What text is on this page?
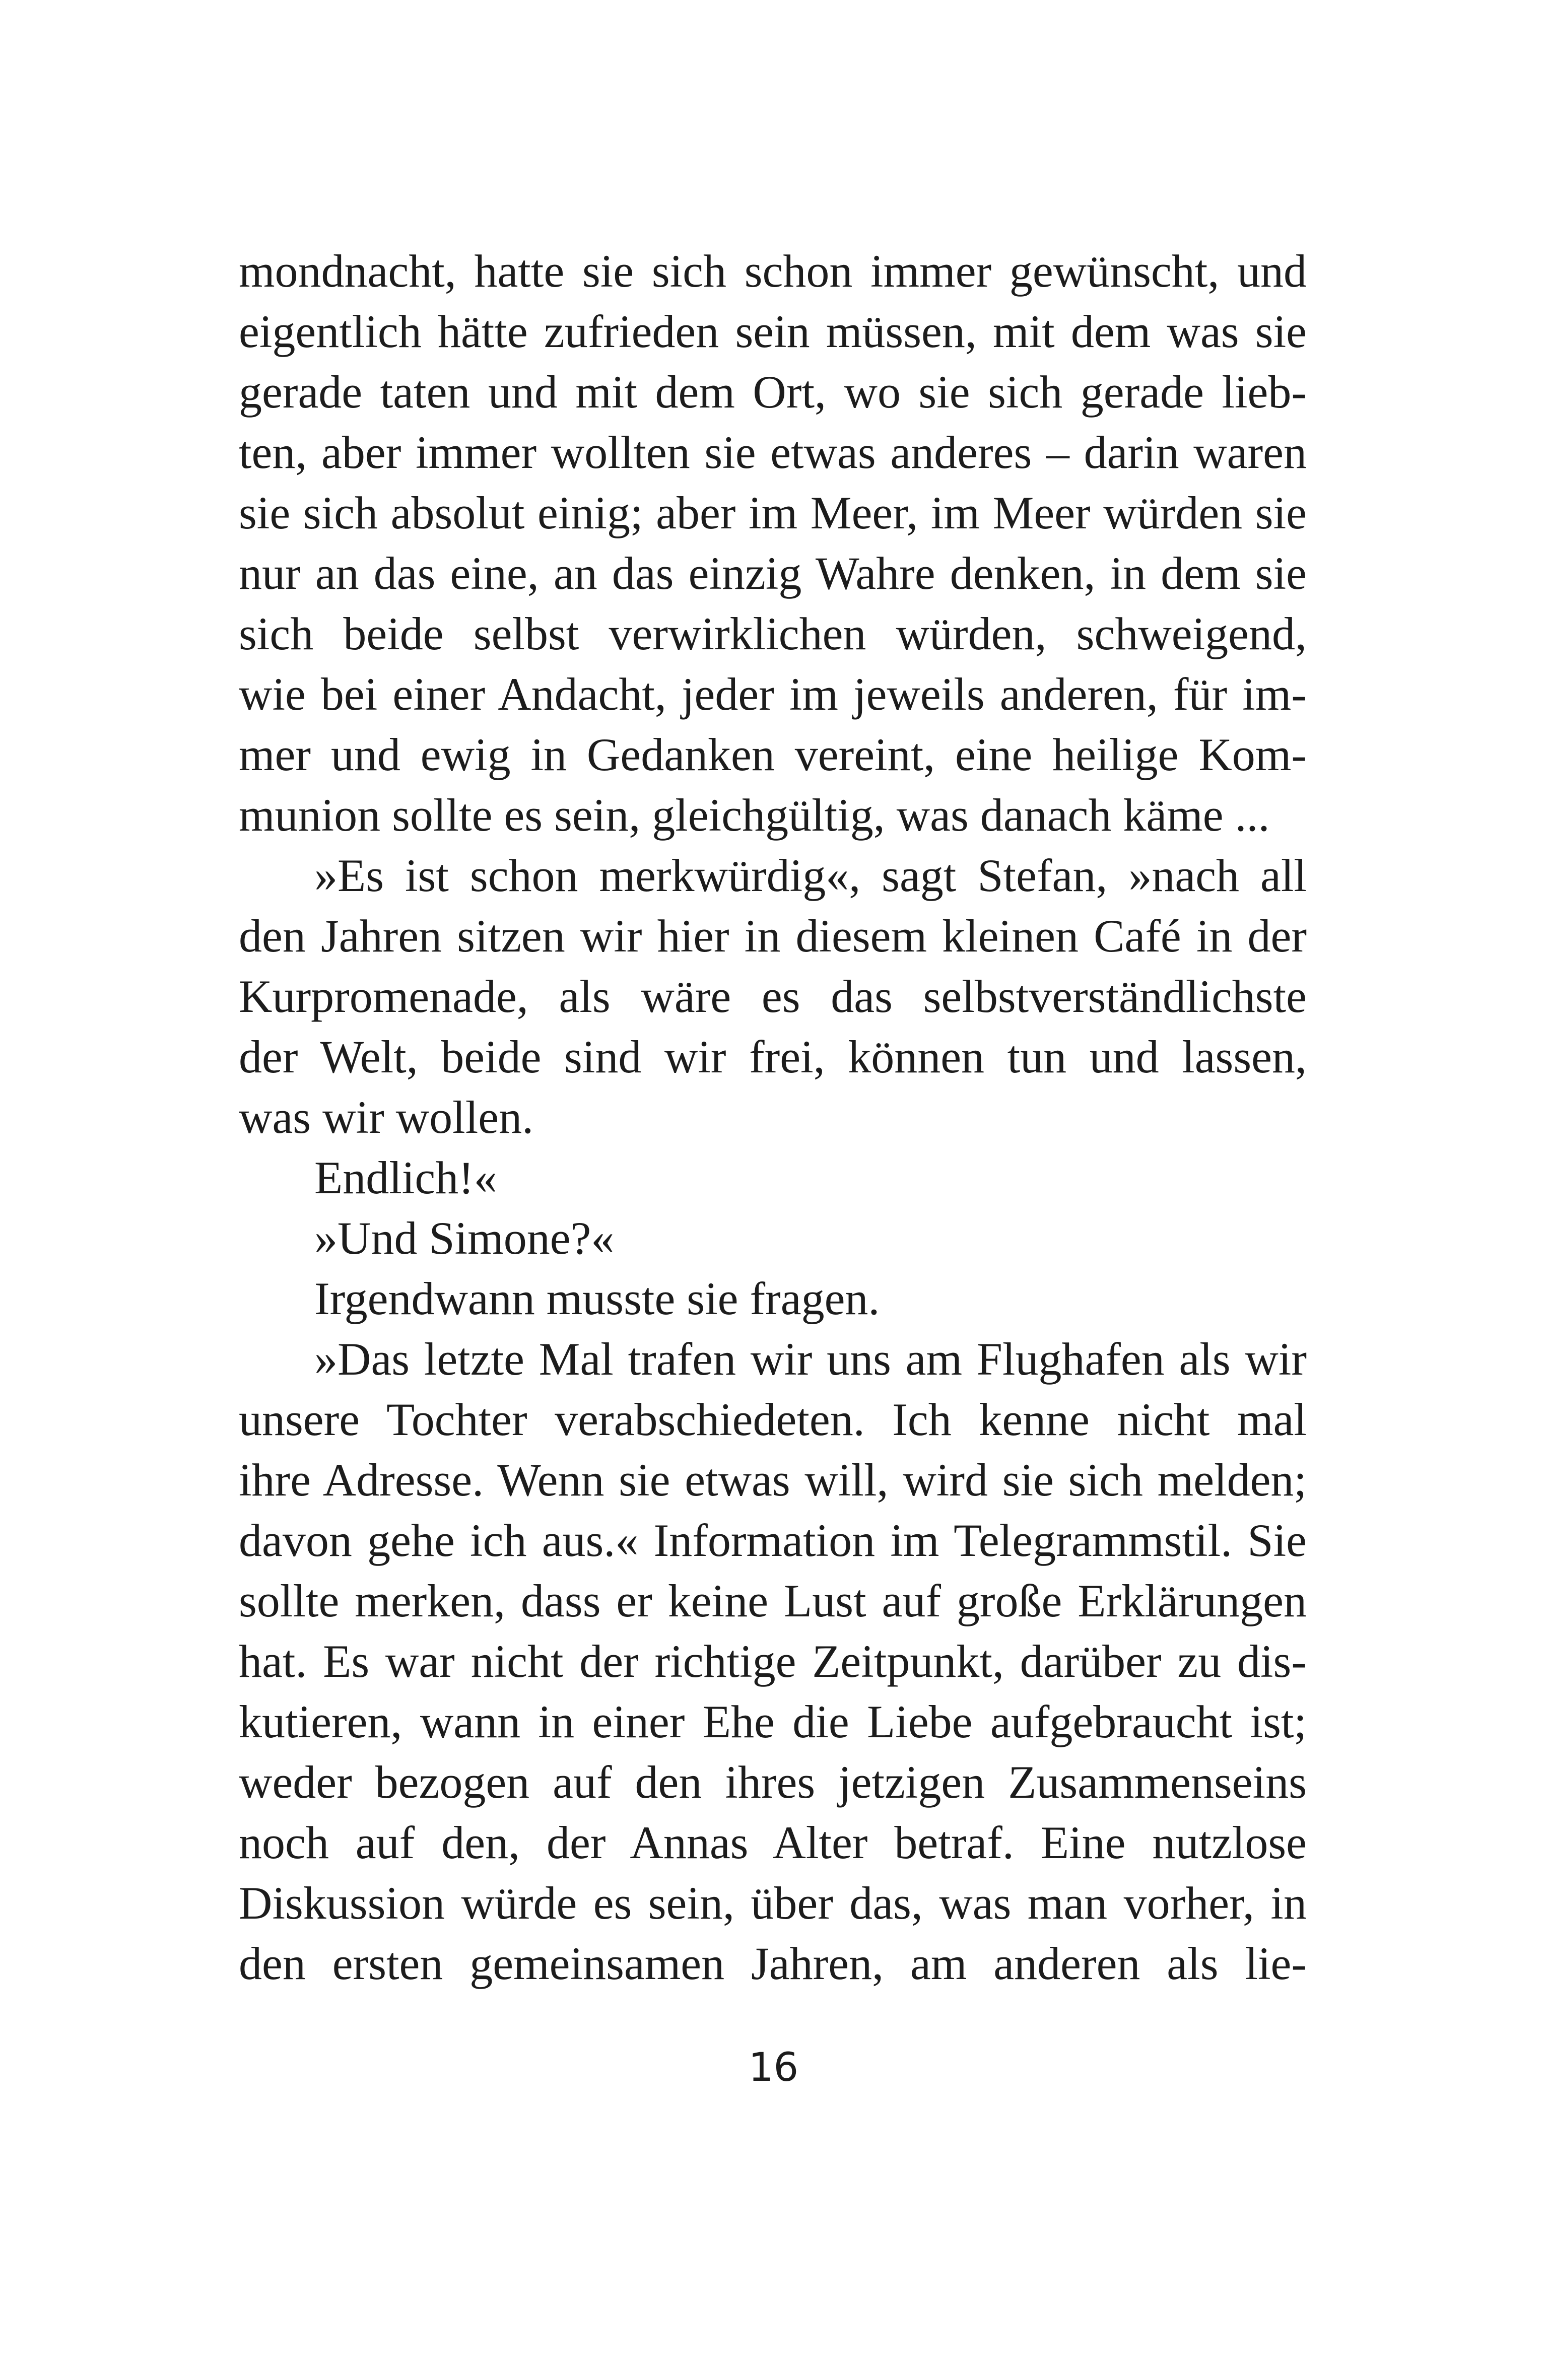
mondnacht, hatte sie sich schon immer gewünscht, und
eigentlich hätte zufrieden sein müssen, mit dem was sie
gerade taten und mit dem Ort, wo sie sich gerade lieb-
ten, aber immer wollten sie etwas anderes – darin waren
sie sich absolut einig; aber im Meer, im Meer würden sie
nur an das eine, an das einzig Wahre denken, in dem sie
sich beide selbst verwirklichen würden, schweigend,
wie bei einer Andacht, jeder im jeweils anderen, für im-
mer und ewig in Gedanken vereint, eine heilige Kom-
munion sollte es sein, gleichgültig, was danach käme ...
»Es ist schon merkwürdig«, sagt Stefan, »nach all
den Jahren sitzen wir hier in diesem kleinen Café in der
Kurpromenade, als wäre es das selbstverständlichste
der Welt, beide sind wir frei, können tun und lassen,
was wir wollen.
Endlich!«
»Und Simone?«
Irgendwann musste sie fragen.
»Das letzte Mal trafen wir uns am Flughafen als wir
unsere Tochter verabschiedeten. Ich kenne nicht mal
ihre Adresse. Wenn sie etwas will, wird sie sich melden;
davon gehe ich aus.« Information im Telegrammstil. Sie
sollte merken, dass er keine Lust auf große Erklärungen
hat. Es war nicht der richtige Zeitpunkt, darüber zu dis-
kutieren, wann in einer Ehe die Liebe aufgebraucht ist;
weder bezogen auf den ihres jetzigen Zusammenseins
noch auf den, der Annas Alter betraf. Eine nutzlose
Diskussion würde es sein, über das, was man vorher, in
den ersten gemeinsamen Jahren, am anderen als lie-
16
